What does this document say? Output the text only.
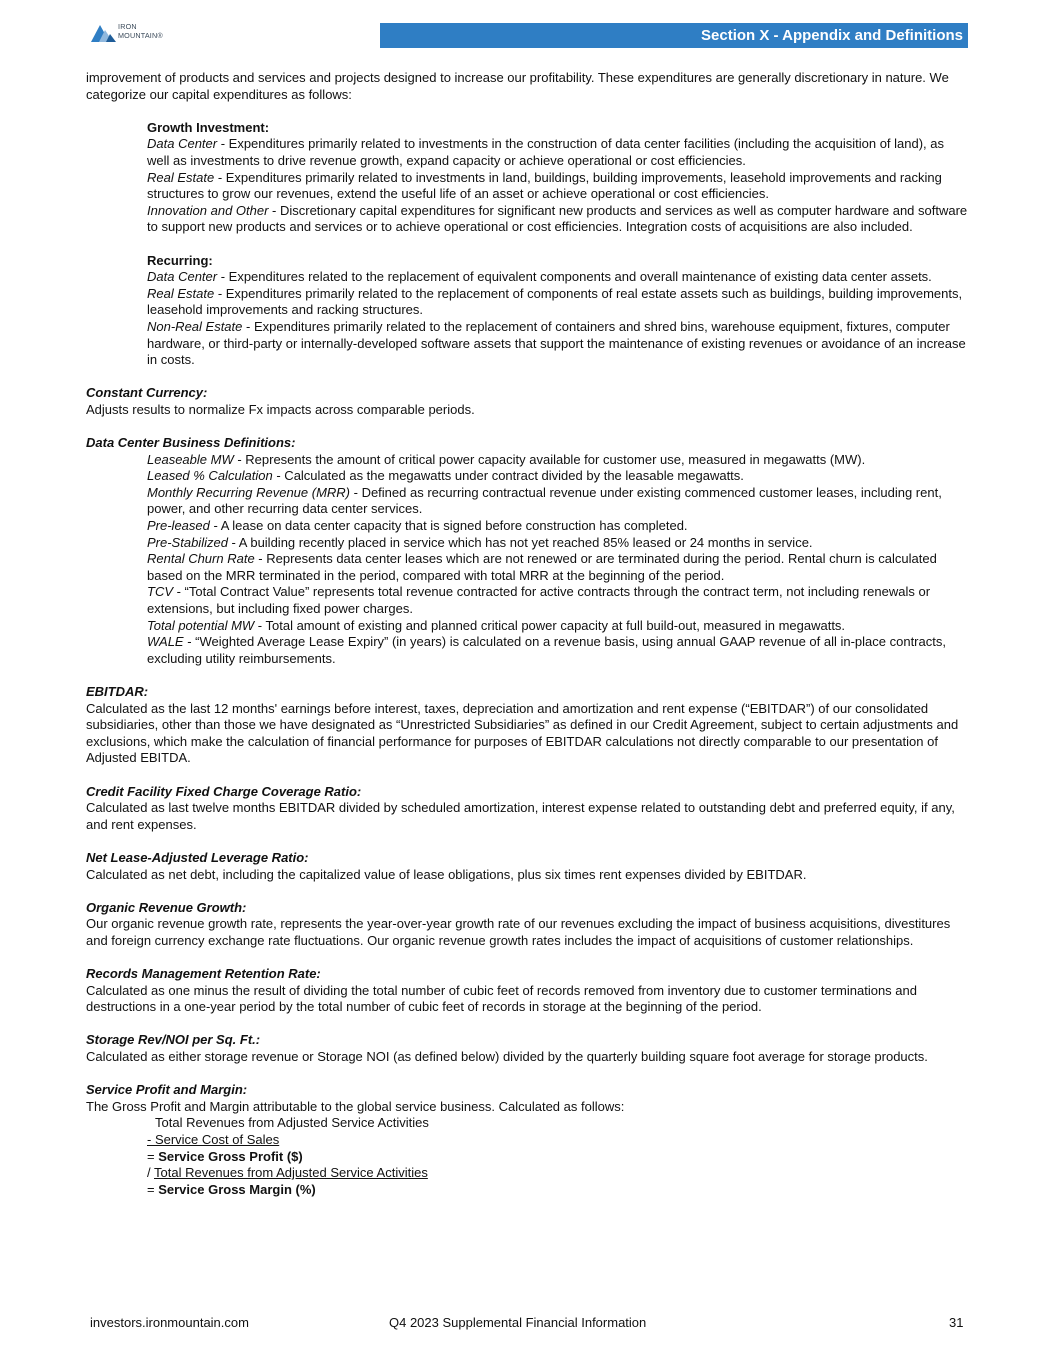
IRON
MOUNTAIN®	Section X - Appendix and Definitions

improvement of products and services and projects designed to increase our profitability. These expenditures are generally discretionary in nature. We categorize our capital expenditures as follows:

Growth Investment:

Data Center - Expenditures primarily related to investments in the construction of data center facilities (including the acquisition of land), as well as investments to drive revenue growth, expand capacity or achieve operational or cost efficiencies.

Real Estate - Expenditures primarily related to investments in land, buildings, building improvements, leasehold improvements and racking structures to grow our revenues, extend the useful life of an asset or achieve operational or cost efficiencies.

Innovation and Other - Discretionary capital expenditures for significant new products and services as well as computer hardware and software to support new products and services or to achieve operational or cost efficiencies. Integration costs of acquisitions are also included.

Recurring:

Data Center - Expenditures related to the replacement of equivalent components and overall maintenance of existing data center assets.

Real Estate - Expenditures primarily related to the replacement of components of real estate assets such as buildings, building improvements, leasehold improvements and racking structures.

Non-Real Estate - Expenditures primarily related to the replacement of containers and shred bins, warehouse equipment, fixtures, computer hardware, or third-party or internally-developed software assets that support the maintenance of existing revenues or avoidance of an increase in costs.

Constant Currency:

Adjusts results to normalize Fx impacts across comparable periods.

Data Center Business Definitions:

Leaseable MW - Represents the amount of critical power capacity available for customer use, measured in megawatts (MW).

Leased % Calculation - Calculated as the megawatts under contract divided by the leasable megawatts.

Monthly Recurring Revenue (MRR) - Defined as recurring contractual revenue under existing commenced customer leases, including rent, power, and other recurring data center services.

Pre-leased - A lease on data center capacity that is signed before construction has completed.

Pre-Stabilized - A building recently placed in service which has not yet reached 85% leased or 24 months in service.

Rental Churn Rate - Represents data center leases which are not renewed or are terminated during the period. Rental churn is calculated based on the MRR terminated in the period, compared with total MRR at the beginning of the period.

TCV - “Total Contract Value” represents total revenue contracted for active contracts through the contract term, not including renewals or extensions, but including fixed power charges.

Total potential MW - Total amount of existing and planned critical power capacity at full build-out, measured in megawatts.

WALE - “Weighted Average Lease Expiry” (in years) is calculated on a revenue basis, using annual GAAP revenue of all in-place contracts, excluding utility reimbursements.

EBITDAR:

Calculated as the last 12 months' earnings before interest, taxes, depreciation and amortization and rent expense (“EBITDAR”) of our consolidated subsidiaries, other than those we have designated as “Unrestricted Subsidiaries” as defined in our Credit Agreement, subject to certain adjustments and exclusions, which make the calculation of financial performance for purposes of EBITDAR calculations not directly comparable to our presentation of Adjusted EBITDA.

Credit Facility Fixed Charge Coverage Ratio:

Calculated as last twelve months EBITDAR divided by scheduled amortization, interest expense related to outstanding debt and preferred equity, if any, and rent expenses.

Net Lease-Adjusted Leverage Ratio:

Calculated as net debt, including the capitalized value of lease obligations, plus six times rent expenses divided by EBITDAR.

Organic Revenue Growth:

Our organic revenue growth rate, represents the year-over-year growth rate of our revenues excluding the impact of business acquisitions, divestitures and foreign currency exchange rate fluctuations. Our organic revenue growth rates includes the impact of acquisitions of customer relationships.

Records Management Retention Rate:

Calculated as one minus the result of dividing the total number of cubic feet of records removed from inventory due to customer terminations and destructions in a one-year period by the total number of cubic feet of records in storage at the beginning of the period.

Storage Rev/NOI per Sq. Ft.:

Calculated as either storage revenue or Storage NOI (as defined below) divided by the quarterly building square foot average for storage products.

Service Profit and Margin:

The Gross Profit and Margin attributable to the global service business. Calculated as follows:

Total Revenues from Adjusted Service Activities

- Service Cost of Sales

= Service Gross Profit ($)

/ Total Revenues from Adjusted Service Activities

= Service Gross Margin (%)

investors.ironmountain.com	Q4 2023 Supplemental Financial Information	31
